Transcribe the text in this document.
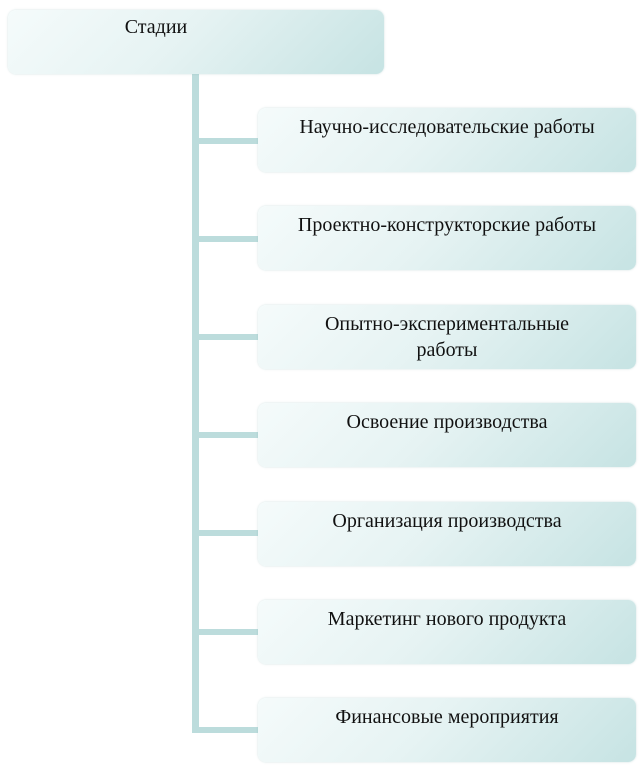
Стадии
Научно-исследовательские работы
Проектно-конструкторские работы
Опытно-экспериментальные работы
Освоение производства
Организация производства
Маркетинг нового продукта
Финансовые мероприятия
